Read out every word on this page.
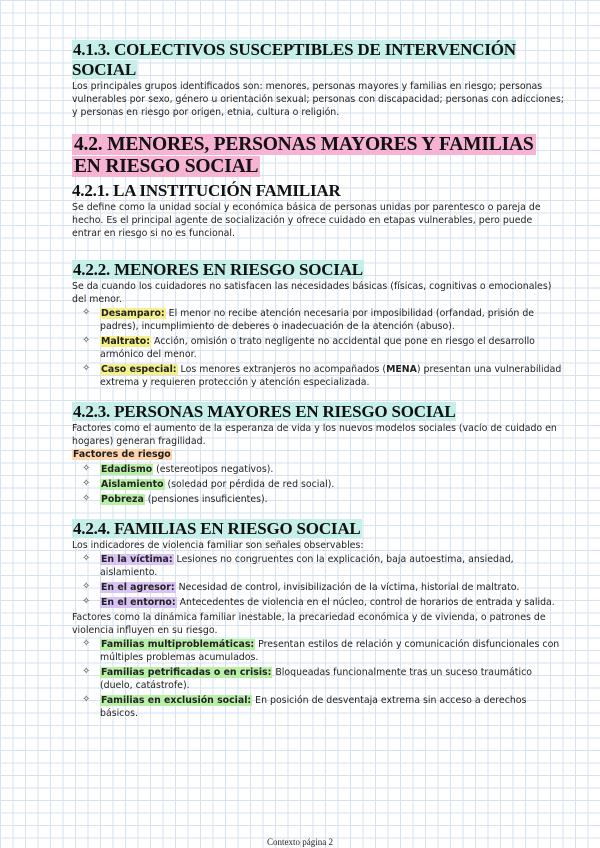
4.1.3. COLECTIVOS SUSCEPTIBLES DE INTERVENCIÓN SOCIAL

Los principales grupos identificados son: menores, personas mayores y familias en riesgo; personas vulnerables por sexo, género u orientación sexual; personas con discapacidad; personas con adicciones; y personas en riesgo por origen, etnia, cultura o religión.

4.2. MENORES, PERSONAS MAYORES Y FAMILIAS EN RIESGO SOCIAL
4.2.1. LA INSTITUCIÓN FAMILIAR

Se define como la unidad social y económica básica de personas unidas por parentesco o pareja de hecho. Es el principal agente de socialización y ofrece cuidado en etapas vulnerables, pero puede entrar en riesgo si no es funcional.

4.2.2. MENORES EN RIESGO SOCIAL

Se da cuando los cuidadores no satisfacen las necesidades básicas (físicas, cognitivas o emocionales) del menor.

✧ Desamparo: El menor no recibe atención necesaria por imposibilidad (orfandad, prisión de padres), incumplimiento de deberes o inadecuación de la atención (abuso).
✧ Maltrato: Acción, omisión o trato negligente no accidental que pone en riesgo el desarrollo armónico del menor.
✧ Caso especial: Los menores extranjeros no acompañados (MENA) presentan una vulnerabilidad extrema y requieren protección y atención especializada.
4.2.3. PERSONAS MAYORES EN RIESGO SOCIAL

Factores como el aumento de la esperanza de vida y los nuevos modelos sociales (vacío de cuidado en hogares) generan fragilidad.

Factores de riesgo

✧ Edadismo (estereotipos negativos).
✧ Aislamiento (soledad por pérdida de red social).
✧ Pobreza (pensiones insuficientes).
4.2.4. FAMILIAS EN RIESGO SOCIAL

Los indicadores de violencia familiar son señales observables:

✧ En la víctima: Lesiones no congruentes con la explicación, baja autoestima, ansiedad, aislamiento.
✧ En el agresor: Necesidad de control, invisibilización de la víctima, historial de maltrato.
✧ En el entorno: Antecedentes de violencia en el núcleo, control de horarios de entrada y salida.

Factores como la dinámica familiar inestable, la precariedad económica y de vivienda, o patrones de violencia influyen en su riesgo.

✧ Familias multiproblemáticas: Presentan estilos de relación y comunicación disfuncionales con múltiples problemas acumulados.
✧ Familias petrificadas o en crisis: Bloqueadas funcionalmente tras un suceso traumático (duelo, catástrofe).
✧ Familias en exclusión social: En posición de desventaja extrema sin acceso a derechos básicos.
Contexto página 2
